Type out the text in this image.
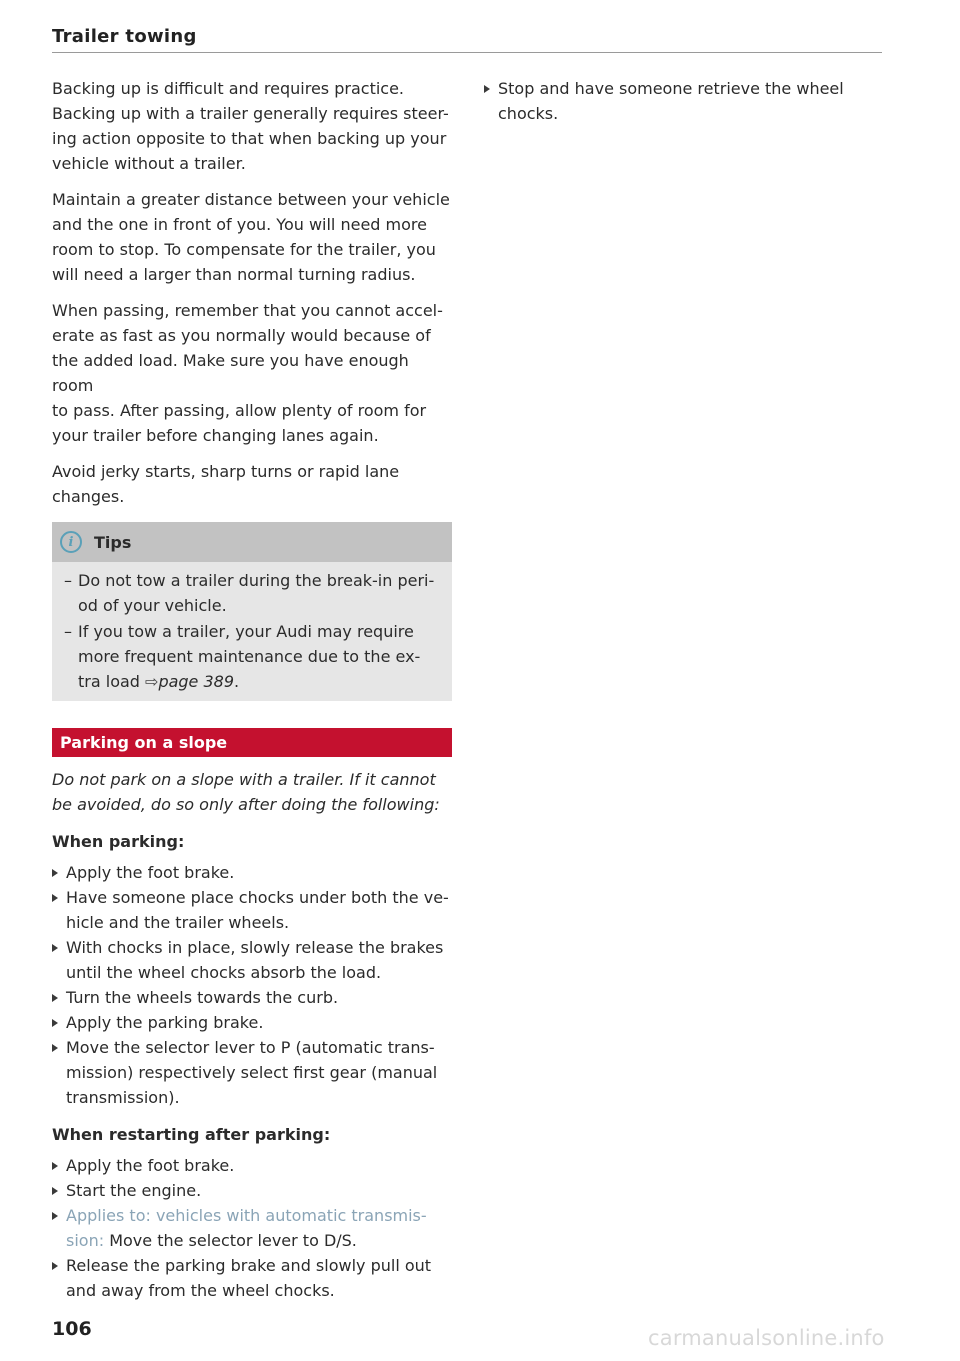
Trailer towing

Backing up is difficult and requires practice.
Backing up with a trailer generally requires steer-
ing action opposite to that when backing up your
vehicle without a trailer.

Maintain a greater distance between your vehicle
and the one in front of you. You will need more
room to stop. To compensate for the trailer, you
will need a larger than normal turning radius.

When passing, remember that you cannot accel-
erate as fast as you normally would because of
the added load. Make sure you have enough room
to pass. After passing, allow plenty of room for
your trailer before changing lanes again.

Avoid jerky starts, sharp turns or rapid lane
changes.

i	Tips
– Do not tow a trailer during the break-in peri-
od of your vehicle.
– If you tow a trailer, your Audi may require
more frequent maintenance due to the ex-
tra load ⇨page 389.
Parking on a slope
Do not park on a slope with a trailer. If it cannot
be avoided, do so only after doing the following:
When parking:
Apply the foot brake.
Have someone place chocks under both the ve-
hicle and the trailer wheels.
With chocks in place, slowly release the brakes
until the wheel chocks absorb the load.
Turn the wheels towards the curb.
Apply the parking brake.
Move the selector lever to P (automatic trans-
mission) respectively select first gear (manual
transmission).
When restarting after parking:
Apply the foot brake.
Start the engine.
Applies to: vehicles with automatic transmis-
sion: Move the selector lever to D/S.
Release the parking brake and slowly pull out
and away from the wheel chocks.
Stop and have someone retrieve the wheel
chocks.
106	carmanualsonline.info
